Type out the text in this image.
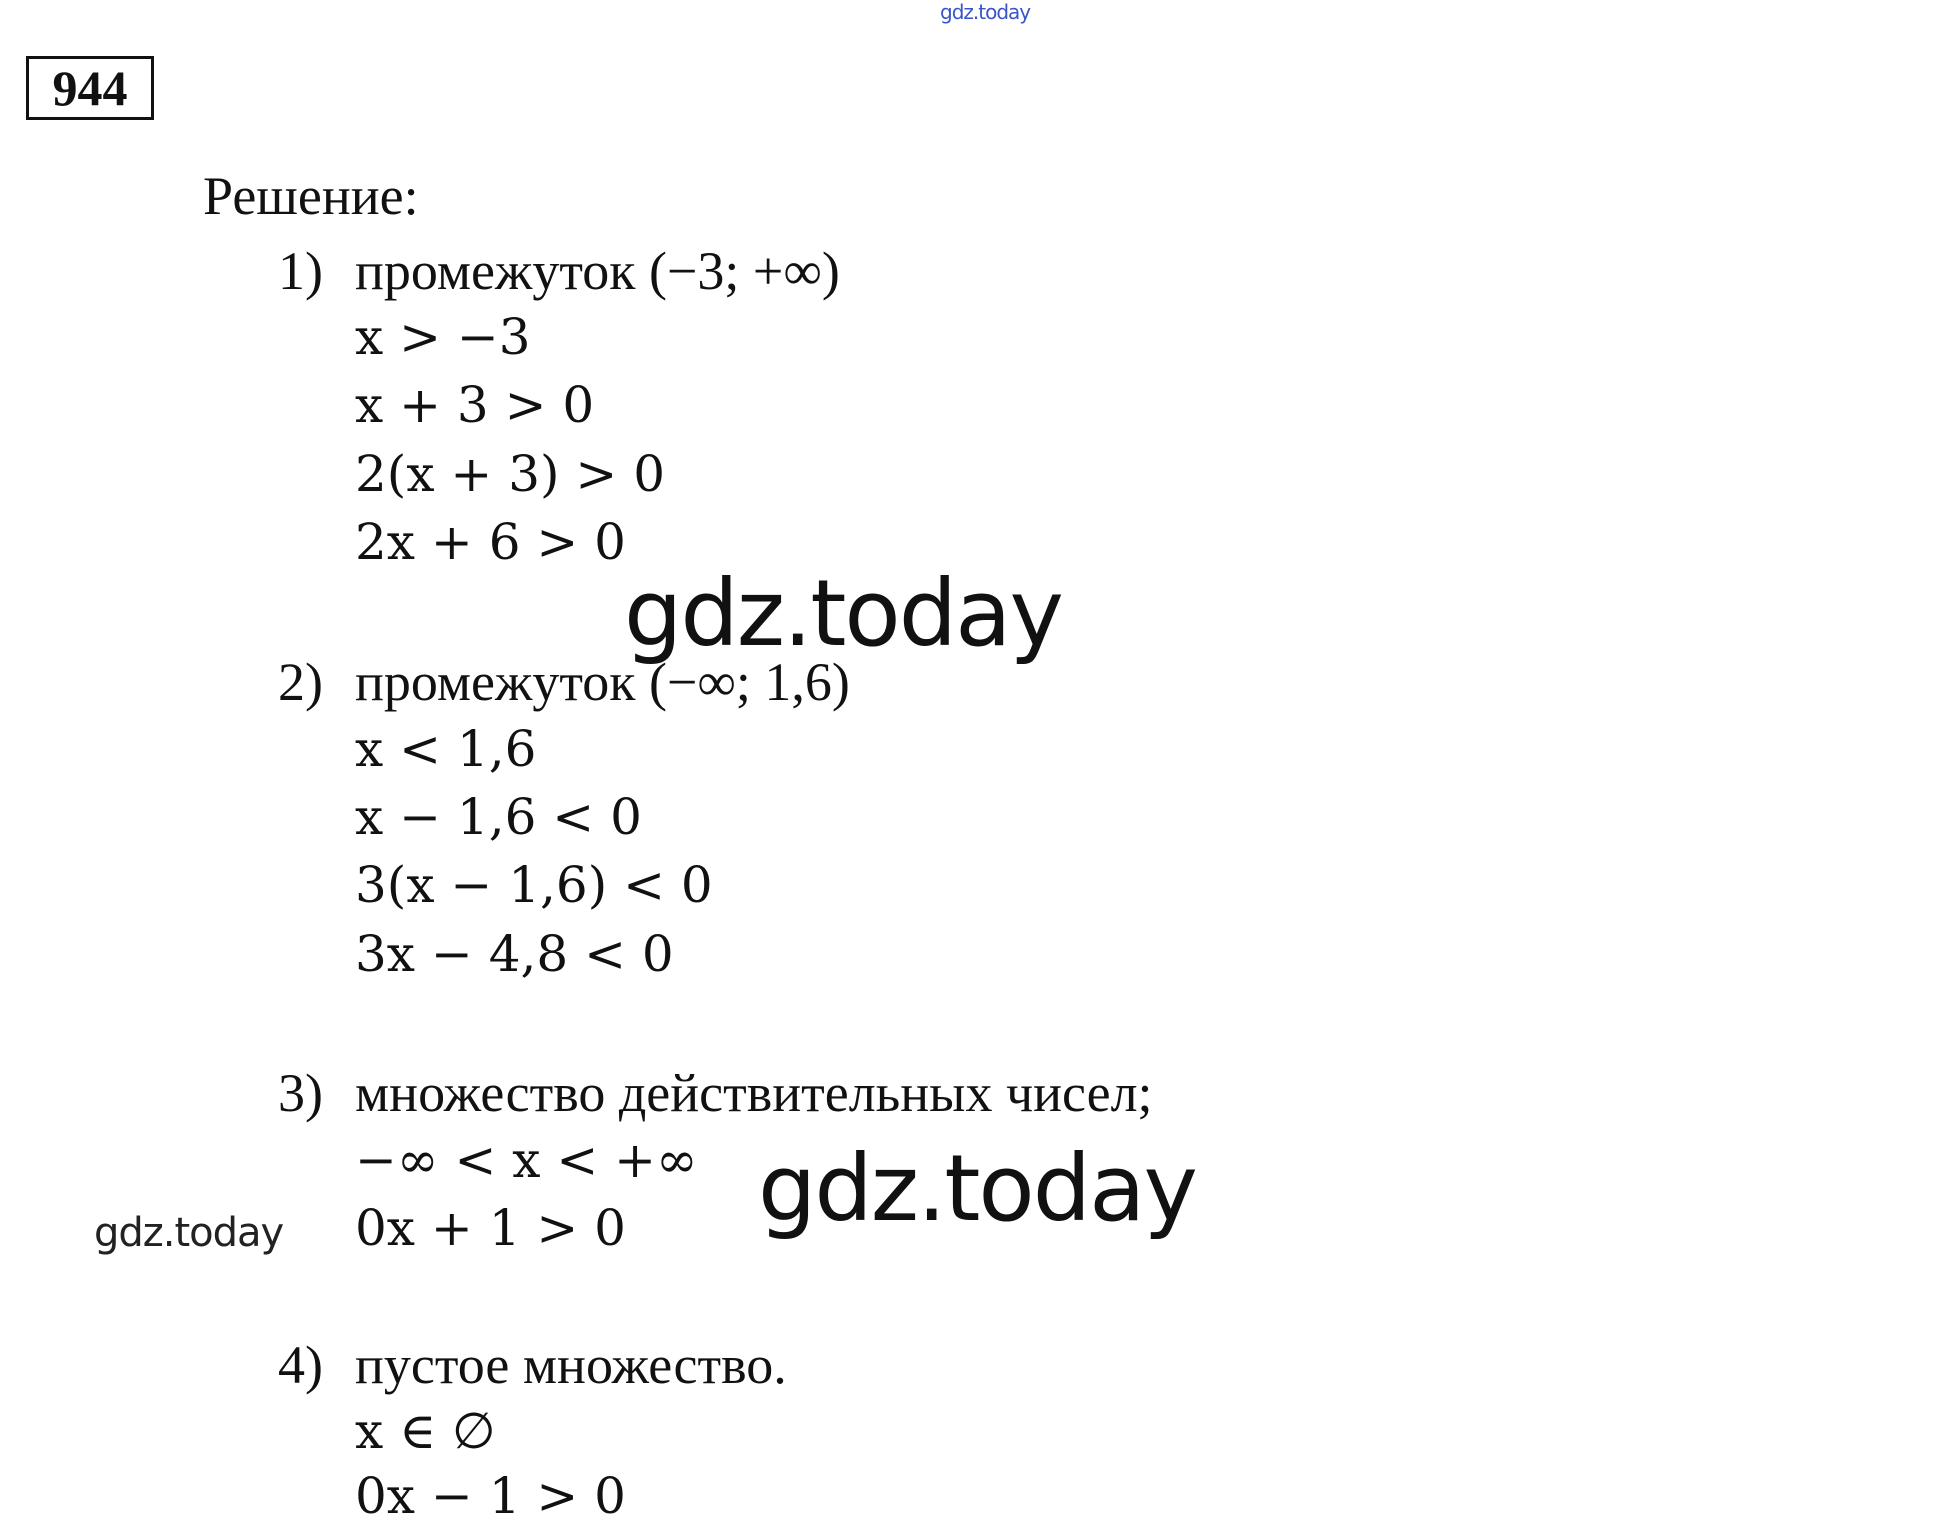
gdz.today
944
Решение:
1) промежуток (−3; +∞)
x > −3
x + 3 > 0
2(x + 3) > 0
2x + 6 > 0
gdz.today
2) промежуток (−∞; 1,6)
x < 1,6
x − 1,6 < 0
3(x − 1,6) < 0
3x − 4,8 < 0
3) множество действительных чисел;
−∞ < x < +∞
0x + 1 > 0 gdz.today
gdz.today
4) пустое множество.
x ∈ ∅
0x − 1 > 0
